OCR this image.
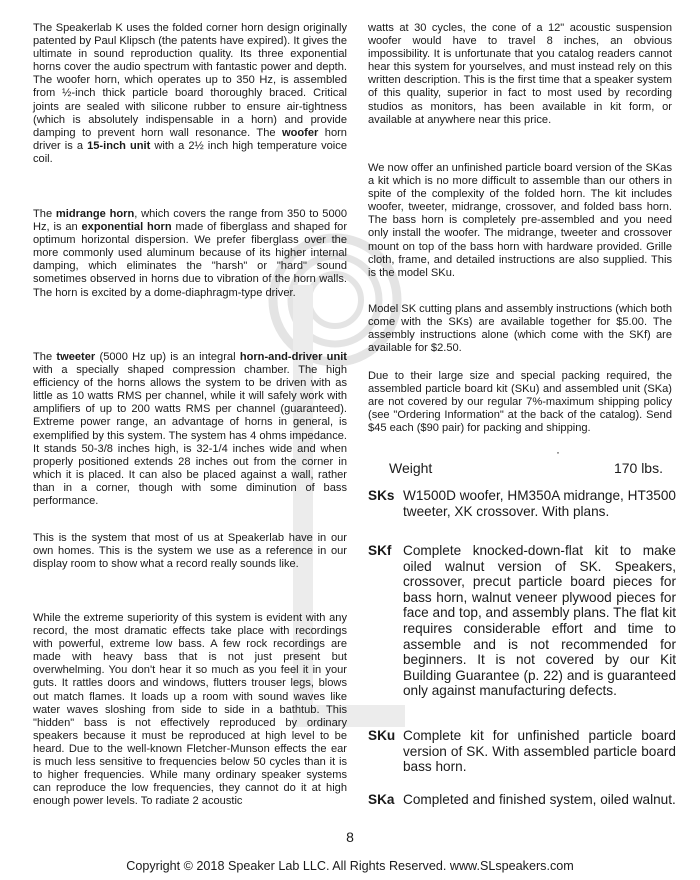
The Speakerlab K uses the folded corner horn design originally patented by Paul Klipsch (the patents have expired). It gives the ultimate in sound reproduction quality. Its three exponential horns cover the audio spectrum with fantastic power and depth. The woofer horn, which operates up to 350 Hz, is assembled from ½-inch thick particle board thoroughly braced. Critical joints are sealed with silicone rubber to ensure air-tightness (which is absolutely indispensable in a horn) and provide damping to prevent horn wall resonance. The woofer horn driver is a 15-inch unit with a 2½ inch high temperature voice coil.

The midrange horn, which covers the range from 350 to 5000 Hz, is an exponential horn made of fiberglass and shaped for optimum horizontal dispersion. We prefer fiberglass over the more commonly used aluminum because of its higher internal damping, which eliminates the "harsh" or "hard" sound sometimes observed in horns due to vibration of the horn walls. The horn is excited by a dome-diaphragm-type driver.

The tweeter (5000 Hz up) is an integral horn-and-driver unit with a specially shaped compression chamber. The high efficiency of the horns allows the system to be driven with as little as 10 watts RMS per channel, while it will safely work with amplifiers of up to 200 watts RMS per channel (guaranteed). Extreme power range, an advantage of horns in general, is exemplified by this system. The system has 4 ohms impedance. It stands 50-3/8 inches high, is 32-1/4 inches wide and when properly positioned extends 28 inches out from the corner in which it is placed. It can also be placed against a wall, rather than in a corner, though with some diminution of bass performance.

This is the system that most of us at Speakerlab have in our own homes. This is the system we use as a reference in our display room to show what a record really sounds like.

While the extreme superiority of this system is evident with any record, the most dramatic effects take place with recordings with powerful, extreme low bass. A few rock recordings are made with heavy bass that is not just present but overwhelming. You don't hear it so much as you feel it in your guts. It rattles doors and windows, flutters trouser legs, blows out match flames. It loads up a room with sound waves like water waves sloshing from side to side in a bathtub. This "hidden" bass is not effectively reproduced by ordinary speakers because it must be reproduced at high level to be heard. Due to the well-known Fletcher-Munson effects the ear is much less sensitive to frequencies below 50 cycles than it is to higher frequencies. While many ordinary speaker systems can reproduce the low frequencies, they cannot do it at high enough power levels. To radiate 2 acoustic

watts at 30 cycles, the cone of a 12" acoustic suspension woofer would have to travel 8 inches, an obvious impossibility. It is unfortunate that you catalog readers cannot hear this system for yourselves, and must instead rely on this written description. This is the first time that a speaker system of this quality, superior in fact to most used by recording studios as monitors, has been available in kit form, or available at anywhere near this price.

We now offer an unfinished particle board version of the SKas a kit which is no more difficult to assemble than our others in spite of the complexity of the folded horn. The kit includes woofer, tweeter, midrange, crossover, and folded bass horn. The bass horn is completely pre-assembled and you need only install the woofer. The midrange, tweeter and crossover mount on top of the bass horn with hardware provided. Grille cloth, frame, and detailed instructions are also supplied. This is the model SKu.

Model SK cutting plans and assembly instructions (which both come with the SKs) are available together for $5.00. The assembly instructions alone (which come with the SKf) are available for $2.50.

Due to their large size and special packing required, the assembled particle board kit (SKu) and assembled unit (SKa) are not covered by our regular 7%-maximum shipping policy (see "Ordering Information" at the back of the catalog). Send $45 each ($90 pair) for packing and shipping.

·
Weight	170 lbs.
SKs W1500D woofer, HM350A midrange, HT3500 tweeter, XK crossover. With plans.
SKf Complete knocked-down-flat kit to make oiled walnut version of SK. Speakers, crossover, precut particle board pieces for bass horn, walnut veneer plywood pieces for face and top, and assembly plans. The flat kit requires considerable effort and time to assemble and is not recommended for beginners. It is not covered by our Kit Building Guarantee (p. 22) and is guaranteed only against manufacturing defects.
SKu Complete kit for unfinished particle board version of SK. With assembled particle board bass horn.
SKa Completed and finished system, oiled walnut.
8
Copyright © 2018 Speaker Lab LLC. All Rights Reserved. www.SLspeakers.com
